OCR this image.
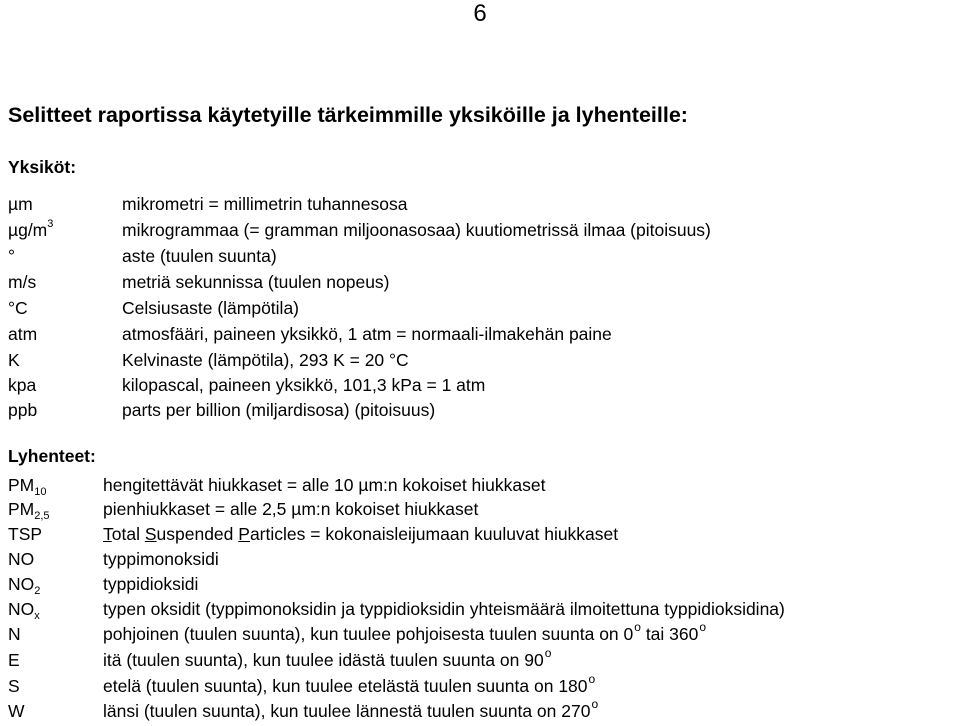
6
Selitteet raportissa käytetyille tärkeimmille yksiköille ja lyhenteille:
Yksiköt:
µm	mikrometri = millimetrin tuhannesosa
$\mu g/m^3$	mikrogrammaa (= gramman miljoonasosaa) kuutiometrissä ilmaa (pitoisuus)
°	aste (tuulen suunta)
m/s	metriä sekunnissa (tuulen nopeus)
°C	Celsiusaste (lämpötila)
atm	atmosfääri, paineen yksikkö, 1 atm = normaali-ilmakehän paine
K	Kelvinaste (lämpötila), 293 K = 20 °C
kpa	kilopascal, paineen yksikkö, 101,3 kPa = 1 atm
ppb	parts per billion (miljardisosa) (pitoisuus)
Lyhenteet:
$PM_{10}$	hengitettävät hiukkaset = alle 10 µm:n kokoiset hiukkaset
$PM_{2,5}$	pienhiukkaset = alle 2,5 µm:n kokoiset hiukkaset
TSP	Total Suspended Particles = kokonaisleijumaan kuuluvat hiukkaset
NO	typpimonoksidi
$NO_2$	typpidioksidi
$NO_x$	typen oksidit (typpimonoksidin ja typpidioksidin yhteismäärä ilmoitettuna typpidioksidina)
N	pohjoinen (tuulen suunta), kun tuulee pohjoisesta tuulen suunta on 0$^o$ tai 360$^o$
E	itä (tuulen suunta), kun tuulee idästä tuulen suunta on 90$^o$
S	etelä (tuulen suunta), kun tuulee etelästä tuulen suunta on 180$^o$
W	länsi (tuulen suunta), kun tuulee lännestä tuulen suunta on 270$^o$
